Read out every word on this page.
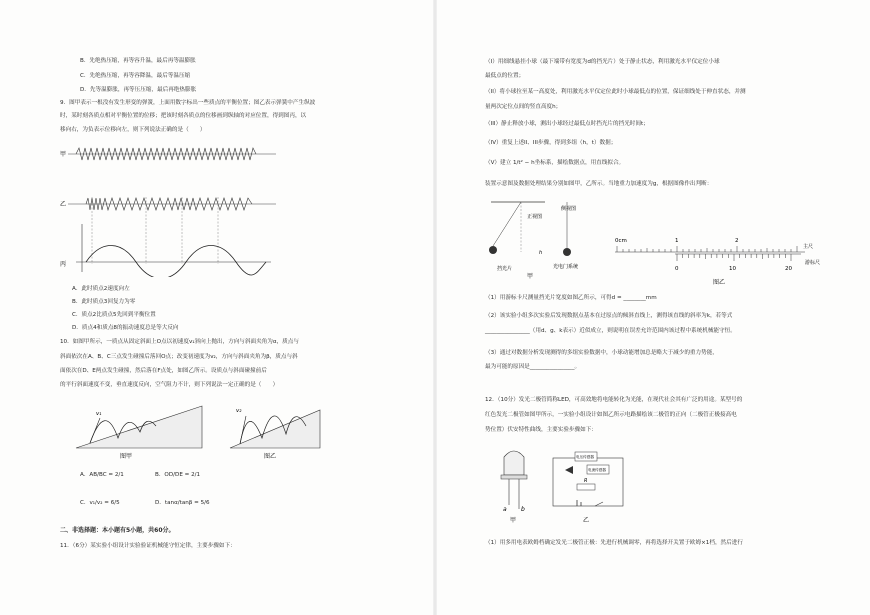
B．先绝热压缩，再等容升温，最后再等温膨胀
C．先绝热压缩，再等容降温，最后等温压缩
D．先等温膨胀，再等压压缩，最后再绝热膨胀
9．图甲表示一根没有发生形变的弹簧，上面用数字标出一些质点的平衡位置；图乙表示弹簧中产生纵波
时，某时刻各质点相对平衡位置的位移；把该时刻各质点的位移画到纵轴的对应位置，得到图丙，以
移向右，为负表示位移向左，则下列说法正确的是（　　）
甲
乙
丙
A．此时质点2速度向左
B．此时质点3回复力为零
C．质点2比质点5先回到平衡位置
D．质点4和质点8的振动速度总是等大反向
10．如图甲所示，一质点从固定斜面上O点以初速度v₁斜向上抛出，方向与斜面夹角为α，质点与
斜面依次在A、B、C三点发生碰撞后落回O点；改变初速度为v₂，方向与斜面夹角为β，质点与斜
面依次在D、E两点发生碰撞，然后落在F点处，如图乙所示。设质点与斜面碰撞前后
的平行斜面速度不变，垂直速度反向，空气阻力不计，则下列说法一定正确的是（　　）
v₁
图甲
v₂
图乙
A．AB/BC = 2/1	B．OD/DE = 2/1
C．v₁/v₂ = 6/5	D．tanα/tanβ = 5/6
二、非选择题：本小题有5小题，共60分。
11．（6分）某实验小组设计实验验证机械能守恒定律，主要步骤如下：
（I）用细线悬挂小球（最下端带有宽度为d的挡光片）处于静止状态，利用激光水平仪定位小球
最低点的位置；
（II）将小球拉至某一高度处，利用激光水平仪定位此时小球最低点的位置，保证细线处于伸直状态，并测
量两次定位点间的竖直高度h；
（III）静止释放小球，测出小球经过最低点时挡光片的挡光时间t；
（IV）重复上述II、III步骤，得到多组（h，t）数据；
（V）建立 1/t² − h坐标系，描绘数据点，用直线拟合。
装置示意图及数据处理结果分别如图甲，乙所示。当地重力加速度为g，根据图像作出判断：
正视图
h
挡光片
甲
侧视图
光电门系统
0cm	1	2
主尺
0	10	20
游标尺
图乙
（1）用游标卡尺测量挡光片宽度如图乙所示，可得d = ________mm
（2）该实验小组多次实验后发现数据点基本在过原点的倾斜直线上，测得该直线的斜率为k，若等式
________________（用d、g、k表示）近似成立，则说明在误差允许范围内该过程中系统机械能守恒。
（3）通过对数据分析发现测得的多组实验数据中，小球动能增加总是略大于减少的重力势能，
最为可能的原因是________________。
12．（10分）发光二极管简称LED，可高效地将电能转化为光能，在现代社会其有广泛的用途。某型号的
红色发光二极管如图甲所示，一实验小组设计如图乙所示电路描绘该二极管的正向（二极管正极接高电
势位置）伏安特性曲线，主要实验步骤如下：
a b
甲
电压传感器
电流传感器
R
乙
（1）用多用电表欧姆档确定发光二极管正极：先进行机械调零，再将选择开关置于欧姆×1档，然后进行
